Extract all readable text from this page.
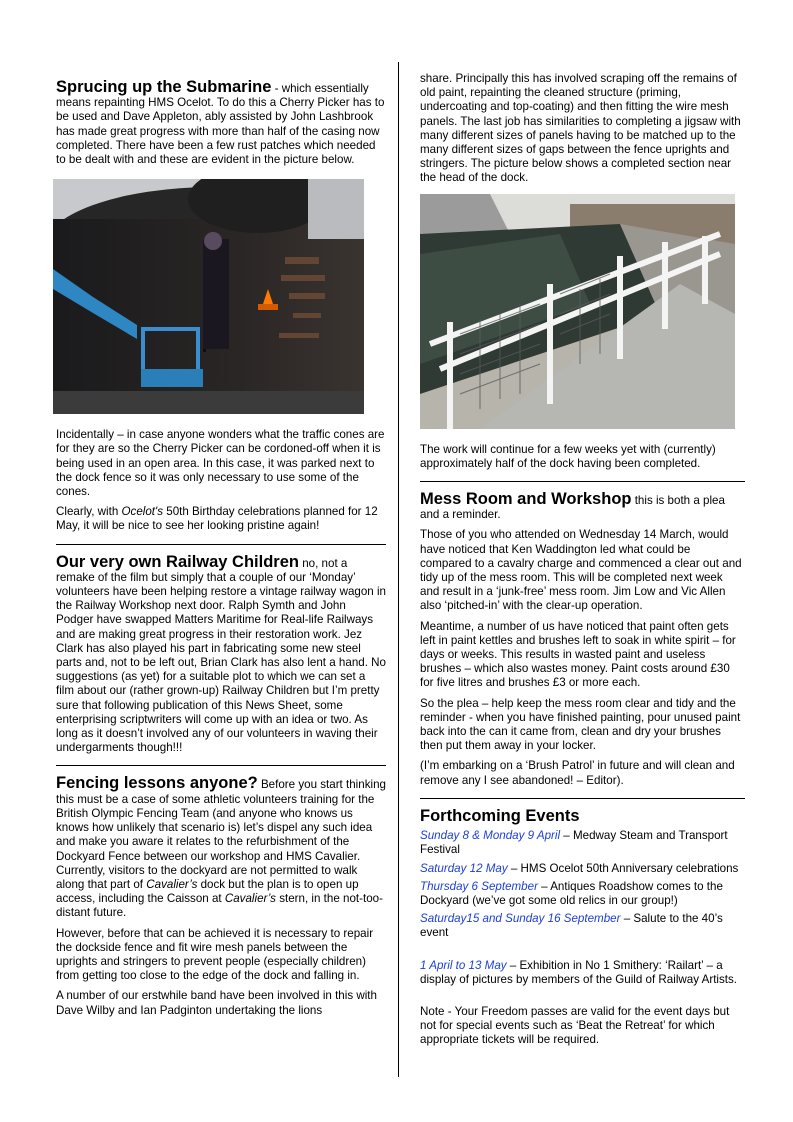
Sprucing up the Submarine - which essentially means repainting HMS Ocelot. To do this a Cherry Picker has to be used and Dave Appleton, ably assisted by John Lashbrook has made great progress with more than half of the casing now completed. There have been a few rust patches which needed to be dealt with and these are evident in the picture below.

Incidentally – in case anyone wonders what the traffic cones are for they are so the Cherry Picker can be cordoned-off when it is being used in an open area. In this case, it was parked next to the dock fence so it was only necessary to use some of the cones.

Clearly, with Ocelot's 50th Birthday celebrations planned for 12 May, it will be nice to see her looking pristine again!

Our very own Railway Children no, not a remake of the film but simply that a couple of our ‘Monday’ volunteers have been helping restore a vintage railway wagon in the Railway Workshop next door. Ralph Symth and John Podger have swapped Matters Maritime for Real-life Railways and are making great progress in their restoration work. Jez Clark has also played his part in fabricating some new steel parts and, not to be left out, Brian Clark has also lent a hand. No suggestions (as yet) for a suitable plot to which we can set a film about our (rather grown-up) Railway Children but I’m pretty sure that following publication of this News Sheet, some enterprising scriptwriters will come up with an idea or two. As long as it doesn’t involved any of our volunteers in waving their undergarments though!!!

Fencing lessons anyone? Before you start thinking this must be a case of some athletic volunteers training for the British Olympic Fencing Team (and anyone who knows us knows how unlikely that scenario is) let’s dispel any such idea and make you aware it relates to the refurbishment of the Dockyard Fence between our workshop and HMS Cavalier. Currently, visitors to the dockyard are not permitted to walk along that part of Cavalier’s dock but the plan is to open up access, including the Caisson at Cavalier’s stern, in the not-too-distant future.

However, before that can be achieved it is necessary to repair the dockside fence and fit wire mesh panels between the uprights and stringers to prevent people (especially children) from getting too close to the edge of the dock and falling in.

A number of our erstwhile band have been involved in this with Dave Wilby and Ian Padginton undertaking the lions

share. Principally this has involved scraping off the remains of old paint, repainting the cleaned structure (priming, undercoating and top-coating) and then fitting the wire mesh panels. The last job has similarities to completing a jigsaw with many different sizes of panels having to be matched up to the many different sizes of gaps between the fence uprights and stringers. The picture below shows a completed section near the head of the dock.

The work will continue for a few weeks yet with (currently) approximately half of the dock having been completed.

Mess Room and Workshop this is both a plea and a reminder.

Those of you who attended on Wednesday 14 March, would have noticed that Ken Waddington led what could be compared to a cavalry charge and commenced a clear out and tidy up of the mess room. This will be completed next week and result in a ‘junk-free’ mess room. Jim Low and Vic Allen also ‘pitched-in’ with the clear-up operation.

Meantime, a number of us have noticed that paint often gets left in paint kettles and brushes left to soak in white spirit – for days or weeks. This results in wasted paint and useless brushes – which also wastes money. Paint costs around £30 for five litres and brushes £3 or more each.

So the plea – help keep the mess room clear and tidy and the reminder - when you have finished painting, pour unused paint back into the can it came from, clean and dry your brushes then put them away in your locker.

(I’m embarking on a ‘Brush Patrol’ in future and will clean and remove any I see abandoned! – Editor).

Forthcoming Events

Sunday 8 & Monday 9 April – Medway Steam and Transport Festival

Saturday 12 May – HMS Ocelot 50th Anniversary celebrations

Thursday 6 September – Antiques Roadshow comes to the Dockyard (we’ve got some old relics in our group!)

Saturday15 and Sunday 16 September – Salute to the 40’s event

1 April to 13 May – Exhibition in No 1 Smithery: ‘Railart’ – a display of pictures by members of the Guild of Railway Artists.

Note - Your Freedom passes are valid for the event days but not for special events such as ‘Beat the Retreat’ for which appropriate tickets will be required.
